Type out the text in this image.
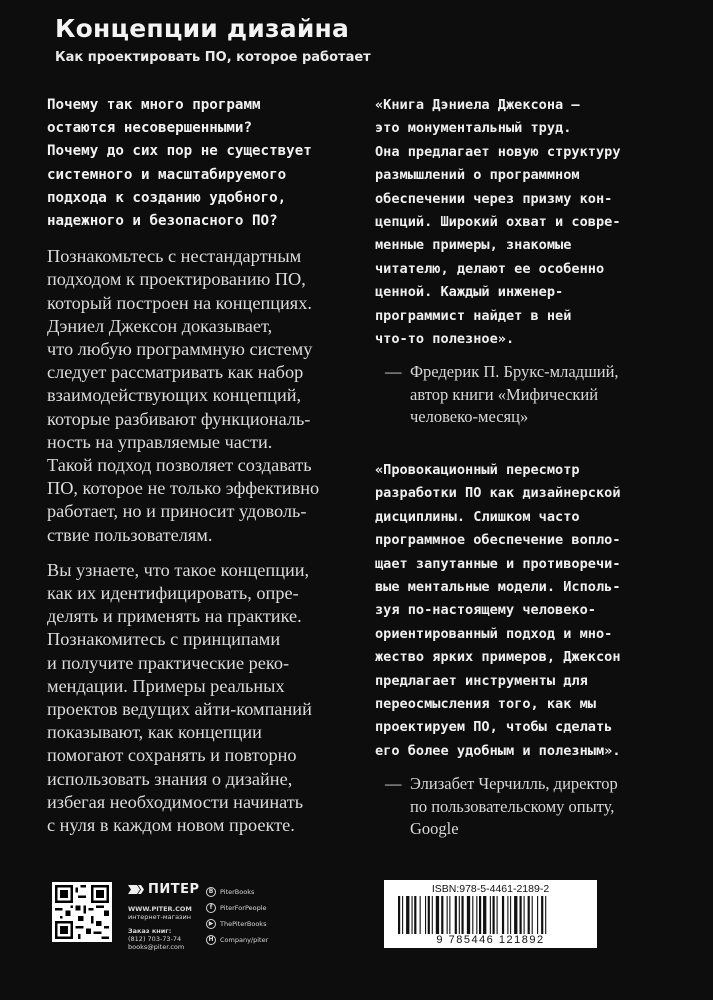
Концепции дизайна

Как проектировать ПО, которое работает

Почему так много программ
остаются несовершенными?
Почему до сих пор не существует
системного и масштабируемого
подхода к созданию удобного,
надежного и безопасного ПО?

Познакомьтесь с нестандартным
подходом к проектированию ПО,
который построен на концепциях.
Дэниел Джексон доказывает,
что любую программную систему
следует рассматривать как набор
взаимодействующих концепций,
которые разбивают функциональ-
ность на управляемые части.
Такой подход позволяет создавать
ПО, которое не только эффективно
работает, но и приносит удоволь-
ствие пользователям.

Вы узнаете, что такое концепции,
как их идентифицировать, опре-
делять и применять на практике.
Познакомитесь с принципами
и получите практические реко-
мендации. Примеры реальных
проектов ведущих айти-компаний
показывают, как концепции
помогают сохранять и повторно
использовать знания о дизайне,
избегая необходимости начинать
с нуля в каждом новом проекте.

«Книга Дэниела Джексона —
это монументальный труд.
Она предлагает новую структуру
размышлений о программном
обеспечении через призму кон-
цепций. Широкий охват и совре-
менные примеры, знакомые
читателю, делают ее особенно
ценной. Каждый инженер-
программист найдет в ней
что-то полезное».

— Фредерик П. Брукс-младший,
автор книги «Мифический
человеко-месяц»

«Провокационный пересмотр
разработки ПО как дизайнерской
дисциплины. Слишком часто
программное обеспечение вопло-
щает запутанные и противоречи-
вые ментальные модели. Исполь-
зуя по-настоящему человеко-
ориентированный подход и мно-
жество ярких примеров, Джексон
предлагает инструменты для
переосмысления того, как мы
проектируем ПО, чтобы сделать
его более удобным и полезным».

— Элизабет Черчилль, директор
по пользовательскому опыту,
Google

ПИТЕР
WWW.PITER.COM
интернет-магазин
Заказ книг:
(812) 703-73-74
books@piter.com
B	PiterBooks
f	PiterForPeople
▶	ThePiterBooks
H Company/piter

ISBN:978-5-4461-2189-2

9 785446 121892
